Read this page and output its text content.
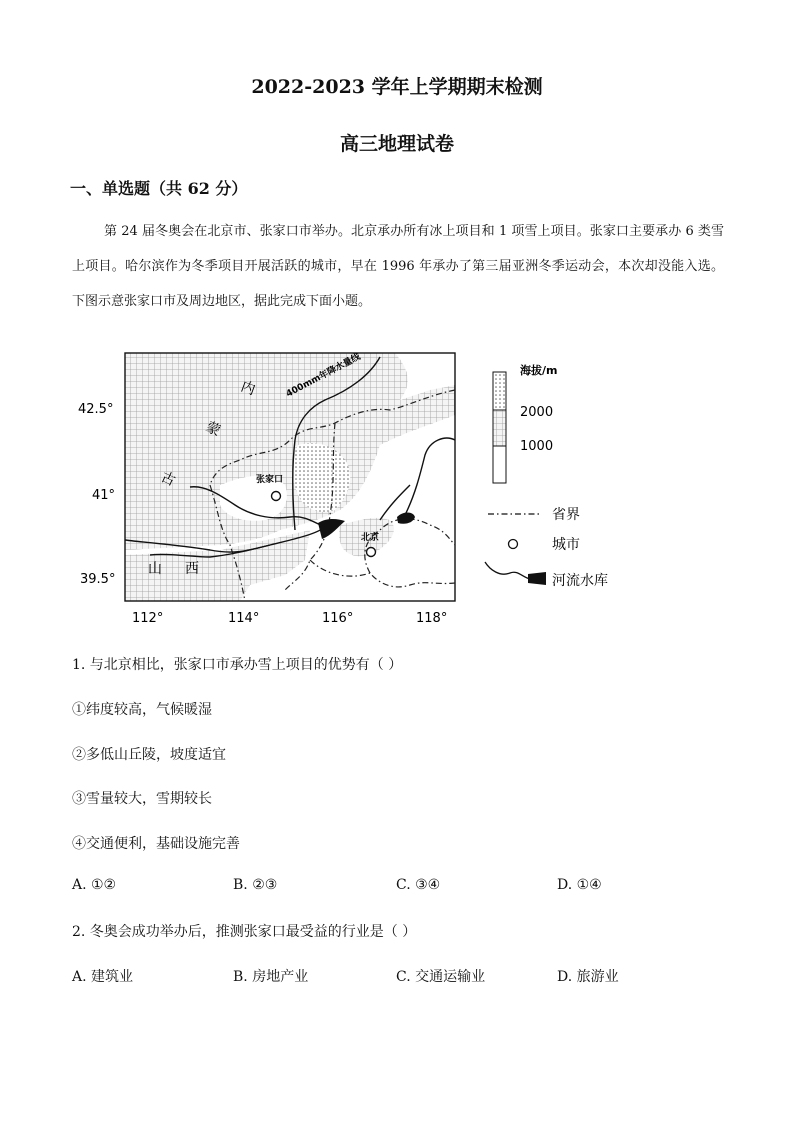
2022-2023 学年上学期期末检测
高三地理试卷
一、单选题（共 62 分）

第 24 届冬奥会在北京市、张家口市举办。北京承办所有冰上项目和 1 项雪上项目。张家口主要承办 6 类雪上项目。哈尔滨作为冬季项目开展活跃的城市，早在 1996 年承办了第三届亚洲冬季运动会，本次却没能入选。下图示意张家口市及周边地区，据此完成下面小题。

400mm年降水量线
内
蒙
古
山 西
张家口
北京
42.5°
41°
39.5°
112°	114°	116°	118°
海拔/m
2000
1000
省界
城市
河流水库
1. 与北京相比，张家口市承办雪上项目的优势有（ ）
①纬度较高，气候暖湿
②多低山丘陵，坡度适宜
③雪量较大，雪期较长
④交通便利，基础设施完善
A. ①②	B. ②③	C. ③④	D. ①④
2. 冬奥会成功举办后，推测张家口最受益的行业是（ ）
A. 建筑业	B. 房地产业	C. 交通运输业	D. 旅游业
